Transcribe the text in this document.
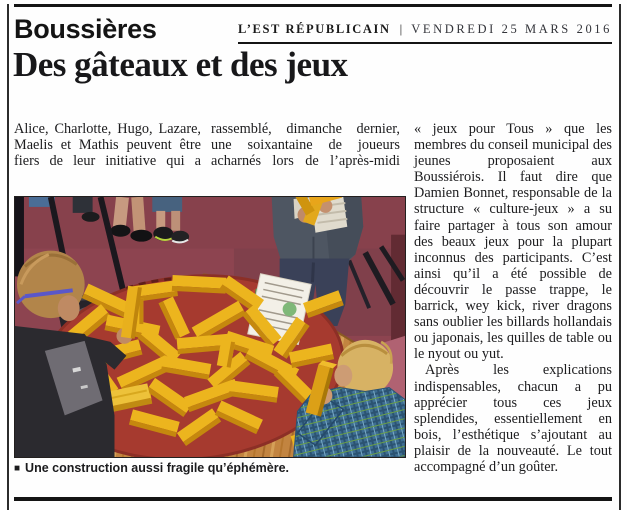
Boussières	L’EST RÉPUBLICAIN | VENDREDI 25 MARS 2016
Des gâteaux et des jeux

Alice, Charlotte, Hugo, Lazare, Maelis et Mathis peuvent être fiers de leur initiative qui a

rassemblé, dimanche dernier, une soixantaine de joueurs acharnés lors de l’après-midi

« jeux pour Tous » que les membres du conseil municipal des jeunes proposaient aux Boussiérois. Il faut dire que Damien Bonnet, responsable de la structure « culture-jeux » a su faire partager à tous son amour des beaux jeux pour la plupart inconnus des participants. C’est ainsi qu’il a été possible de découvrir le passe trappe, le barrick, wey kick, river dragons sans oublier les billards hollandais ou japonais, les quilles de table ou le nyout ou yut.

Après les explications indispensables, chacun a pu apprécier tous ces jeux splendides, essentiellement en bois, l’esthétique s’ajoutant au plaisir de la nouveauté. Le tout accompagné d’un goûter.

■ Une construction aussi fragile qu’éphémère.
